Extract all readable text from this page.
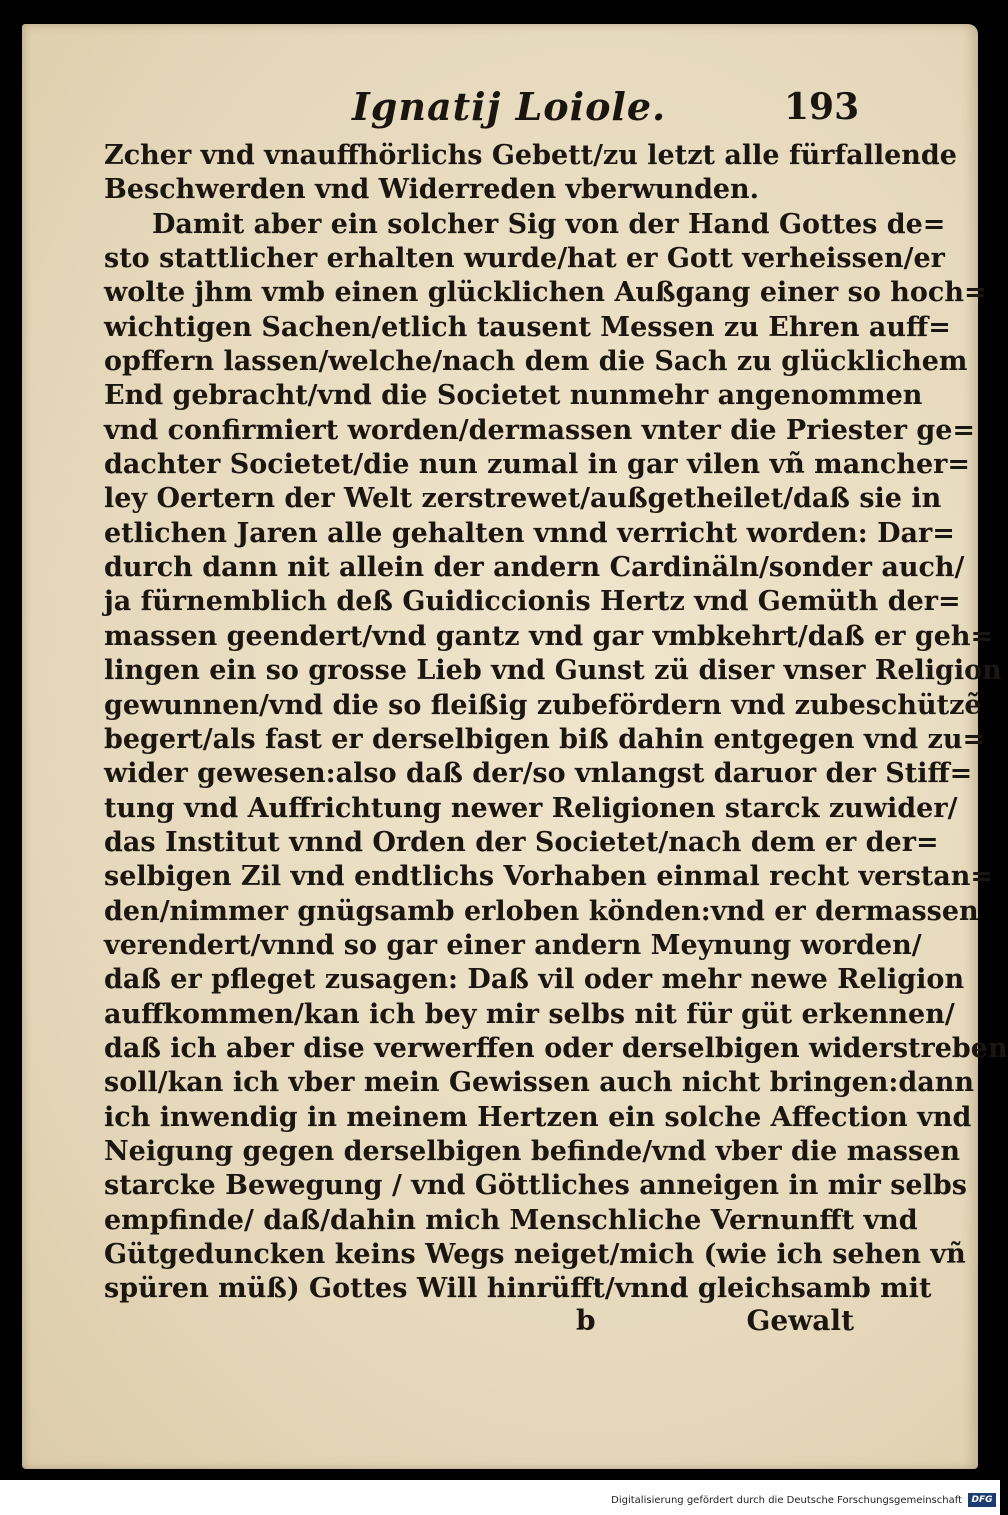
Ignatij Loiole.	193
Zcher vnd vnauffhörlichs Gebett/zu letzt alle fürfallende
Beschwerden vnd Widerreden vberwunden.
Damit aber ein solcher Sig von der Hand Gottes de=
sto stattlicher erhalten wurde/hat er Gott verheissen/er
wolte jhm vmb einen glücklichen Außgang einer so hoch=
wichtigen Sachen/etlich tausent Messen zu Ehren auff=
opffern lassen/welche/nach dem die Sach zu glücklichem
End gebracht/vnd die Societet nunmehr angenommen
vnd confirmiert worden/dermassen vnter die Priester ge=
dachter Societet/die nun zumal in gar vilen vñ mancher=
ley Oertern der Welt zerstrewet/außgetheilet/daß sie in
etlichen Jaren alle gehalten vnnd verricht worden: Dar=
durch dann nit allein der andern Cardinäln/sonder auch/
ja fürnemblich deß Guidiccionis Hertz vnd Gemüth der=
massen geendert/vnd gantz vnd gar vmbkehrt/daß er geh=
lingen ein so grosse Lieb vnd Gunst zü diser vnser Religion
gewunnen/vnd die so fleißig zubefördern vnd zubeschützẽ
begert/als fast er derselbigen biß dahin entgegen vnd zu=
wider gewesen:also daß der/so vnlangst daruor der Stiff=
tung vnd Auffrichtung newer Religionen starck zuwider/
das Institut vnnd Orden der Societet/nach dem er der=
selbigen Zil vnd endtlichs Vorhaben einmal recht verstan=
den/nimmer gnügsamb erloben könden:vnd er dermassen
verendert/vnnd so gar einer andern Meynung worden/
daß er pfleget zusagen: Daß vil oder mehr newe Religion
auffkommen/kan ich bey mir selbs nit für güt erkennen/
daß ich aber dise verwerffen oder derselbigen widerstreben
soll/kan ich vber mein Gewissen auch nicht bringen:dann
ich inwendig in meinem Hertzen ein solche Affection vnd
Neigung gegen derselbigen befinde/vnd vber die massen
starcke Bewegung / vnd Göttliches anneigen in mir selbs
empfinde/ daß/dahin mich Menschliche Vernunfft vnd
Gütgeduncken keins Wegs neiget/mich (wie ich sehen vñ
spüren müß) Gottes Will hinrüfft/vnnd gleichsamb mit
b	Gewalt
Digitalisierung gefördert durch die Deutsche Forschungsgemeinschaft	DFG
